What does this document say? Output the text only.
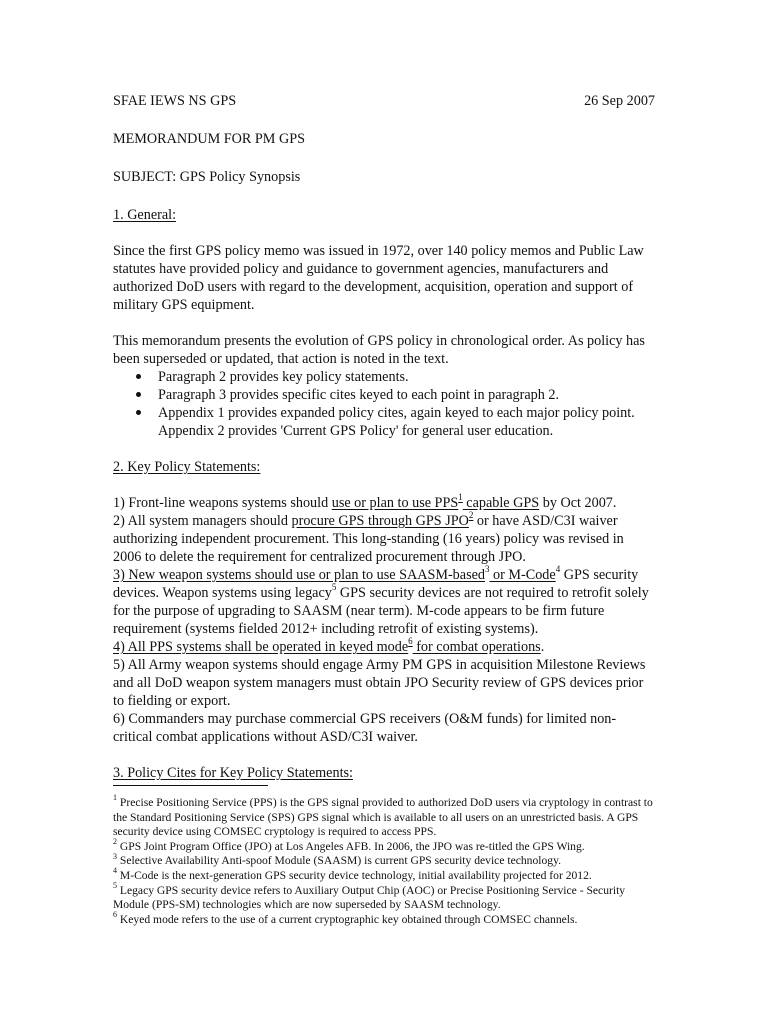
SFAE IEWS NS GPS	26 Sep 2007
MEMORANDUM FOR PM GPS
SUBJECT: GPS Policy Synopsis
1. General:

Since the first GPS policy memo was issued in 1972, over 140 policy memos and Public Law statutes have provided policy and guidance to government agencies, manufacturers and authorized DoD users with regard to the development, acquisition, operation and support of military GPS equipment.

This memorandum presents the evolution of GPS policy in chronological order. As policy has been superseded or updated, that action is noted in the text.

Paragraph 2 provides key policy statements.
Paragraph 3 provides specific cites keyed to each point in paragraph 2.
Appendix 1 provides expanded policy cites, again keyed to each major policy point. Appendix 2 provides 'Current GPS Policy' for general user education.
2. Key Policy Statements:
1) Front-line weapons systems should use or plan to use PPS$^1$ capable GPS by Oct 2007.
2) All system managers should procure GPS through GPS JPO$^2$ or have ASD/C3I waiver authorizing independent procurement. This long-standing (16 years) policy was revised in 2006 to delete the requirement for centralized procurement through JPO.
3) New weapon systems should use or plan to use SAASM-based$^3$ or M-Code$^4$ GPS security devices. Weapon systems using legacy$^5$ GPS security devices are not required to retrofit solely for the purpose of upgrading to SAASM (near term). M-code appears to be firm future requirement (systems fielded 2012+ including retrofit of existing systems).
4) All PPS systems shall be operated in keyed mode$^6$ for combat operations.
5) All Army weapon systems should engage Army PM GPS in acquisition Milestone Reviews and all DoD weapon system managers must obtain JPO Security review of GPS devices prior to fielding or export.
6) Commanders may purchase commercial GPS receivers (O&M funds) for limited non-critical combat applications without ASD/C3I waiver.
3. Policy Cites for Key Policy Statements:
$^1$ Precise Positioning Service (PPS) is the GPS signal provided to authorized DoD users via cryptology in contrast to the Standard Positioning Service (SPS) GPS signal which is available to all users on an unrestricted basis. A GPS security device using COMSEC cryptology is required to access PPS.
$^2$ GPS Joint Program Office (JPO) at Los Angeles AFB. In 2006, the JPO was re-titled the GPS Wing.
$^3$ Selective Availability Anti-spoof Module (SAASM) is current GPS security device technology.
$^4$ M-Code is the next-generation GPS security device technology, initial availability projected for 2012.
$^5$ Legacy GPS security device refers to Auxiliary Output Chip (AOC) or Precise Positioning Service - Security Module (PPS-SM) technologies which are now superseded by SAASM technology.
$^6$ Keyed mode refers to the use of a current cryptographic key obtained through COMSEC channels.
